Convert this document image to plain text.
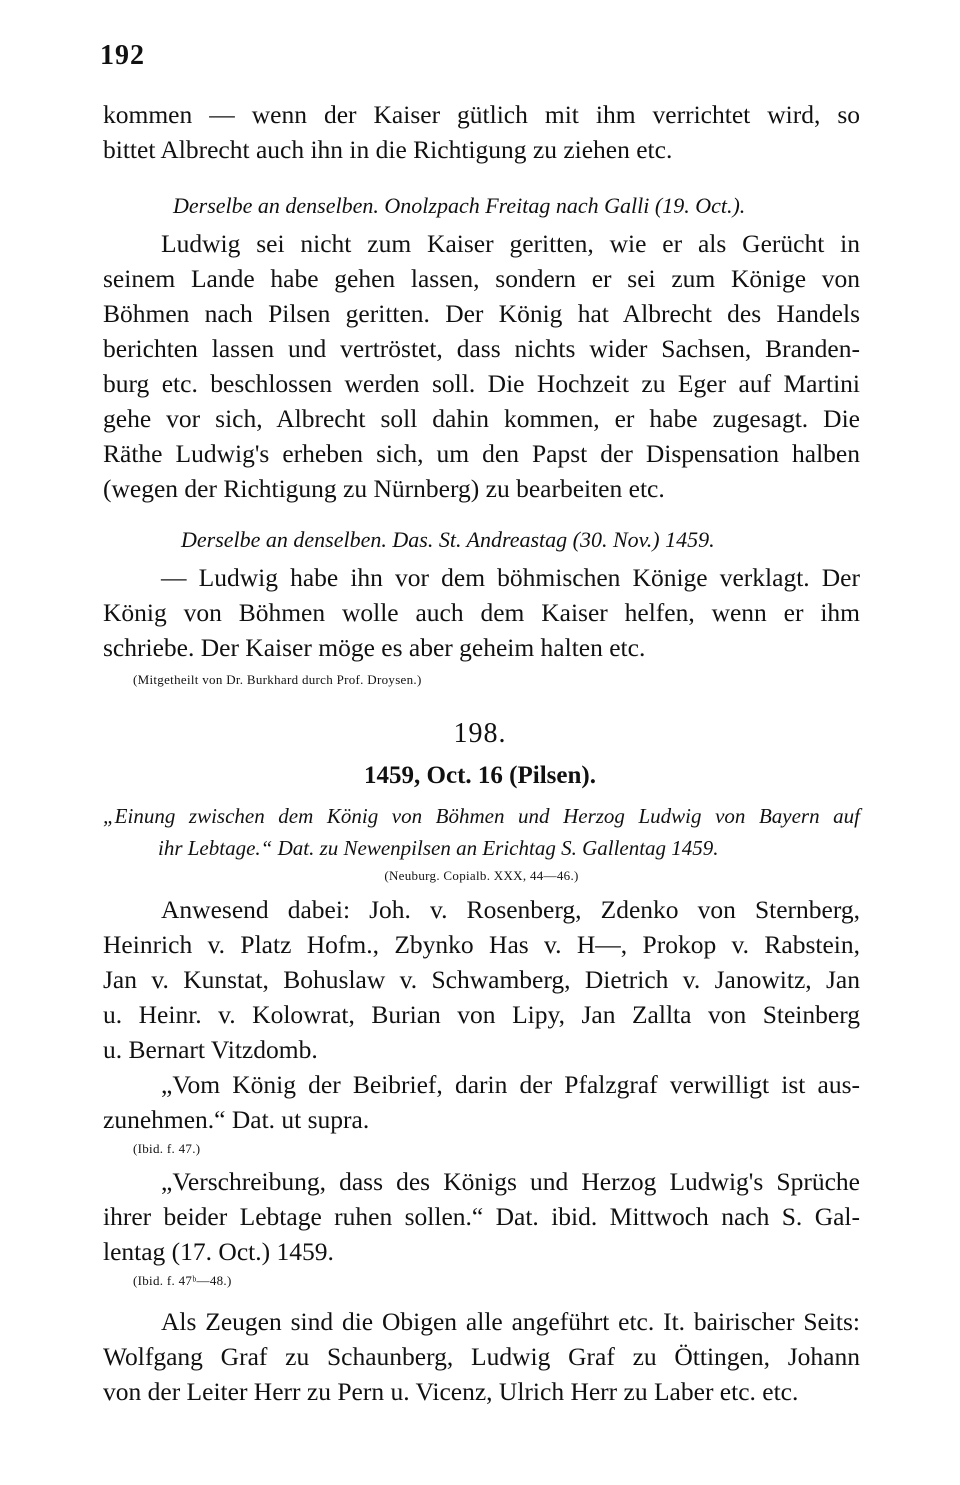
192
kommen — wenn der Kaiser gütlich mit ihm verrichtet wird, so
bittet Albrecht auch ihn in die Richtigung zu ziehen etc.
Derselbe an denselben. Onolzpach Freitag nach Galli (19. Oct.).
Ludwig sei nicht zum Kaiser geritten, wie er als Gerücht in
seinem Lande habe gehen lassen, sondern er sei zum Könige von
Böhmen nach Pilsen geritten. Der König hat Albrecht des Handels
berichten lassen und vertröstet, dass nichts wider Sachsen, Branden-
burg etc. beschlossen werden soll. Die Hochzeit zu Eger auf Martini
gehe vor sich, Albrecht soll dahin kommen, er habe zugesagt. Die
Räthe Ludwig's erheben sich, um den Papst der Dispensation halben
(wegen der Richtigung zu Nürnberg) zu bearbeiten etc.
Derselbe an denselben. Das. St. Andreastag (30. Nov.) 1459.
— Ludwig habe ihn vor dem böhmischen Könige verklagt. Der
König von Böhmen wolle auch dem Kaiser helfen, wenn er ihm
schriebe. Der Kaiser möge es aber geheim halten etc.
(Mitgetheilt von Dr. Burkhard durch Prof. Droysen.)
198.
1459, Oct. 16 (Pilsen).
„Einung zwischen dem König von Böhmen und Herzog Ludwig von Bayern auf
ihr Lebtage.“ Dat. zu Newenpilsen an Erichtag S. Gallentag 1459.
(Neuburg. Copialb. XXX, 44—46.)
Anwesend dabei: Joh. v. Rosenberg, Zdenko von Sternberg,
Heinrich v. Platz Hofm., Zbynko Has v. H—, Prokop v. Rabstein,
Jan v. Kunstat, Bohuslaw v. Schwamberg, Dietrich v. Janowitz, Jan
u. Heinr. v. Kolowrat, Burian von Lipy, Jan Zallta von Steinberg
u. Bernart Vitzdomb.
„Vom König der Beibrief, darin der Pfalzgraf verwilligt ist aus-
zunehmen.“ Dat. ut supra.
(Ibid. f. 47.)
„Verschreibung, dass des Königs und Herzog Ludwig's Sprüche
ihrer beider Lebtage ruhen sollen.“ Dat. ibid. Mittwoch nach S. Gal-
lentag (17. Oct.) 1459.
(Ibid. f. 47ᵇ—48.)
Als Zeugen sind die Obigen alle angeführt etc. It. bairischer Seits:
Wolfgang Graf zu Schaunberg, Ludwig Graf zu Öttingen, Johann
von der Leiter Herr zu Pern u. Vicenz, Ulrich Herr zu Laber etc. etc.
